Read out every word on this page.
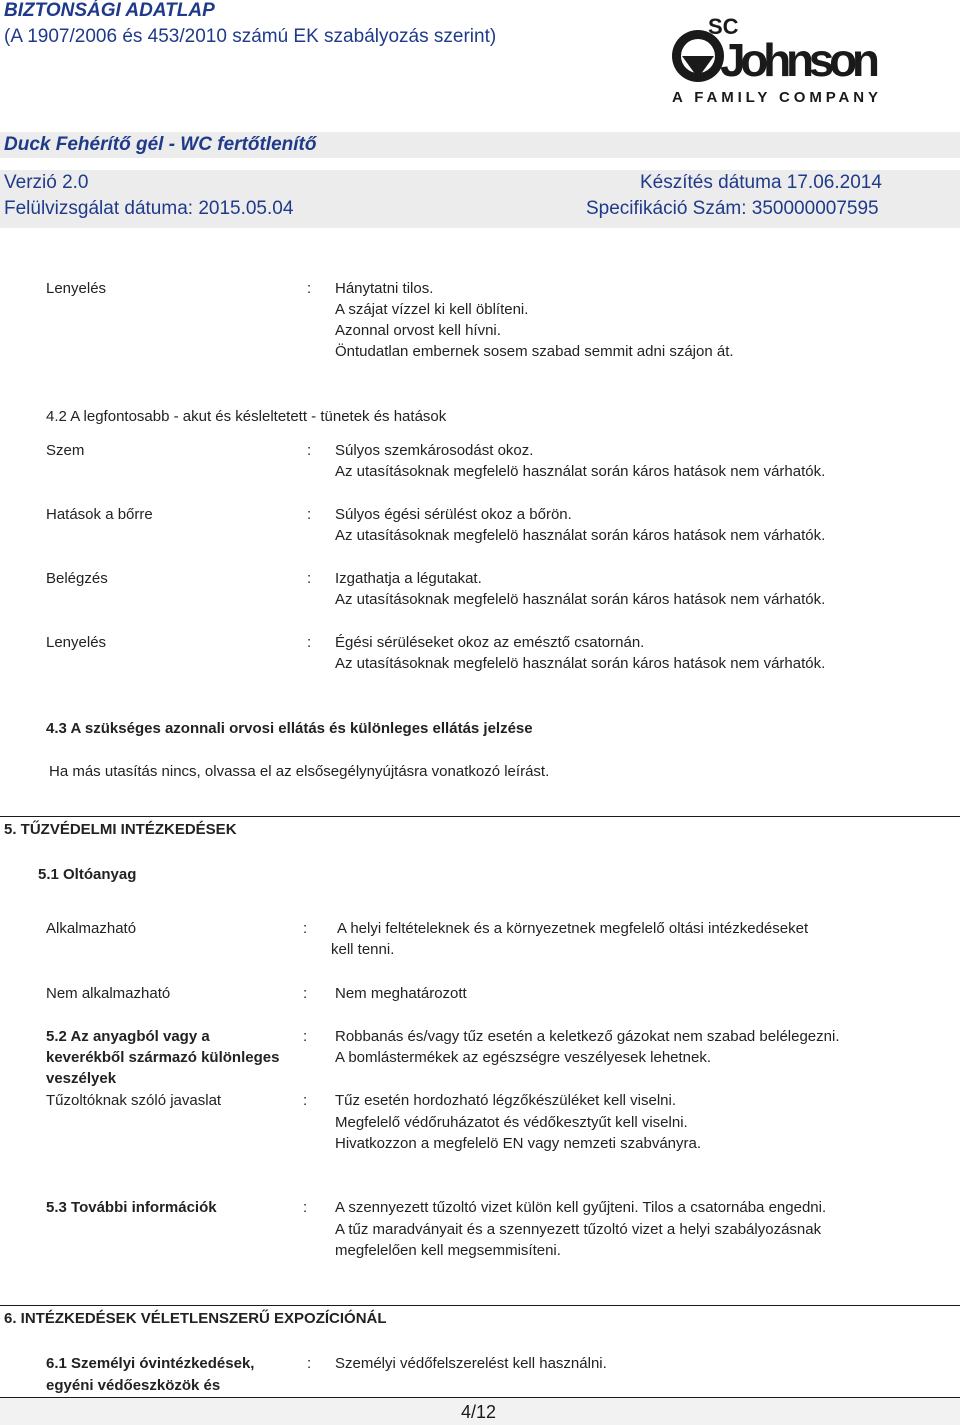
BIZTONSÁGI ADATLAP
(A 1907/2006 és 453/2010 számú EK szabályozás szerint)	SC
Johnson
A FAMILY COMPANY
Duck Fehérítő gél - WC fertőtlenítő
Verzió 2.0	Készítés dátuma 17.06.2014
Felülvizsgálat dátuma: 2015.05.04	Specifikáció Szám: 350000007595
Lenyelés	: Hánytatni tilos.
A szájat vízzel ki kell öblíteni.
Azonnal orvost kell hívni.
Öntudatlan embernek sosem szabad semmit adni szájon át.
4.2 A legfontosabb - akut és késleltetett - tünetek és hatások
Szem	: Súlyos szemkárosodást okoz.
Az utasításoknak megfelelö használat során káros hatások nem várhatók.
Hatások a bőrre	: Súlyos égési sérülést okoz a bőrön.
Az utasításoknak megfelelö használat során káros hatások nem várhatók.
Belégzés	: Izgathatja a légutakat.
Az utasításoknak megfelelö használat során káros hatások nem várhatók.
Lenyelés	: Égési sérüléseket okoz az emésztő csatornán.
Az utasításoknak megfelelö használat során káros hatások nem várhatók.
4.3 A szükséges azonnali orvosi ellátás és különleges ellátás jelzése
Ha más utasítás nincs, olvassa el az elsősegélynyújtásra vonatkozó leírást.
5. TŰZVÉDELMI INTÉZKEDÉSEK
5.1 Oltóanyag
Alkalmazható	: A helyi feltételeknek és a környezetnek megfelelő oltási intézkedéseket
kell tenni.
Nem alkalmazható	: Nem meghatározott
5.2 Az anyagból vagy a
keverékből származó különleges
veszélyek
: Robbanás és/vagy tűz esetén a keletkező gázokat nem szabad belélegezni.
A bomlástermékek az egészségre veszélyesek lehetnek.
Tűzoltóknak szóló javaslat	: Tűz esetén hordozható légzőkészüléket kell viselni.
Megfelelő védőruházatot és védőkesztyűt kell viselni.
Hivatkozzon a megfelelö EN vagy nemzeti szabványra.
5.3 További információk	: A szennyezett tűzoltó vizet külön kell gyűjteni. Tilos a csatornába engedni.
A tűz maradványait és a szennyezett tűzoltó vizet a helyi szabályozásnak
megfelelően kell megsemmisíteni.
6. INTÉZKEDÉSEK VÉLETLENSZERŰ EXPOZÍCIÓNÁL
6.1 Személyi óvintézkedések,
egyéni védőeszközök és
: Személyi védőfelszerelést kell használni.
4/12
